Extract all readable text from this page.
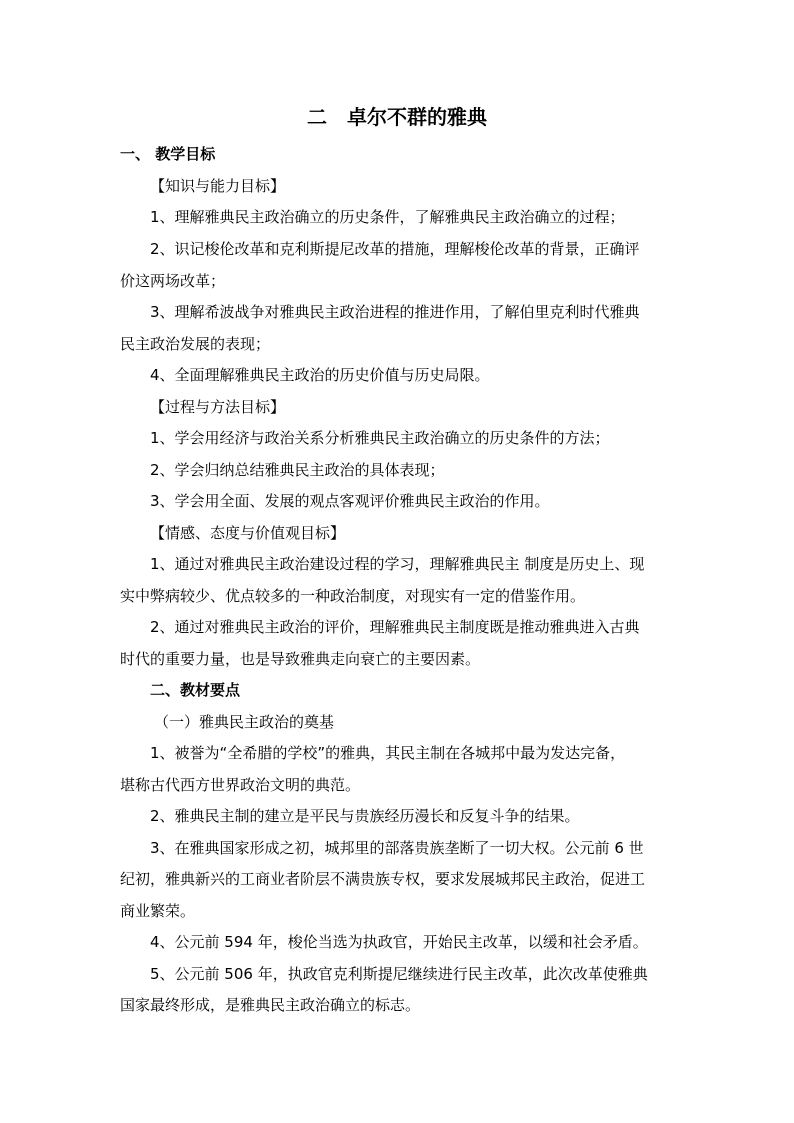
二　卓尔不群的雅典
一、 教学目标
【知识与能力目标】
1、理解雅典民主政治确立的历史条件，了解雅典民主政治确立的过程；
2、识记梭伦改革和克利斯提尼改革的措施，理解梭伦改革的背景，正确评
价这两场改革；
3、理解希波战争对雅典民主政治进程的推进作用，了解伯里克利时代雅典
民主政治发展的表现；
4、全面理解雅典民主政治的历史价值与历史局限。
【过程与方法目标】
1、学会用经济与政治关系分析雅典民主政治确立的历史条件的方法；
2、学会归纳总结雅典民主政治的具体表现；
3、学会用全面、发展的观点客观评价雅典民主政治的作用。
【情感、态度与价值观目标】
1、通过对雅典民主政治建设过程的学习，理解雅典民主 制度是历史上、现
实中弊病较少、优点较多的一种政治制度，对现实有一定的借鉴作用。
2、通过对雅典民主政治的评价，理解雅典民主制度既是推动雅典进入古典
时代的重要力量，也是导致雅典走向衰亡的主要因素。
二、教材要点
（一）雅典民主政治的奠基
1、被誉为“全希腊的学校”的雅典，其民主制在各城邦中最为发达完备，
堪称古代西方世界政治文明的典范。
2、雅典民主制的建立是平民与贵族经历漫长和反复斗争的结果。
3、在雅典国家形成之初，城邦里的部落贵族垄断了一切大权。公元前 6 世
纪初，雅典新兴的工商业者阶层不满贵族专权，要求发展城邦民主政治，促进工
商业繁荣。
4、公元前 594 年，梭伦当选为执政官，开始民主改革，以缓和社会矛盾。
5、公元前 506 年，执政官克利斯提尼继续进行民主改革，此次改革使雅典
国家最终形成，是雅典民主政治确立的标志。
